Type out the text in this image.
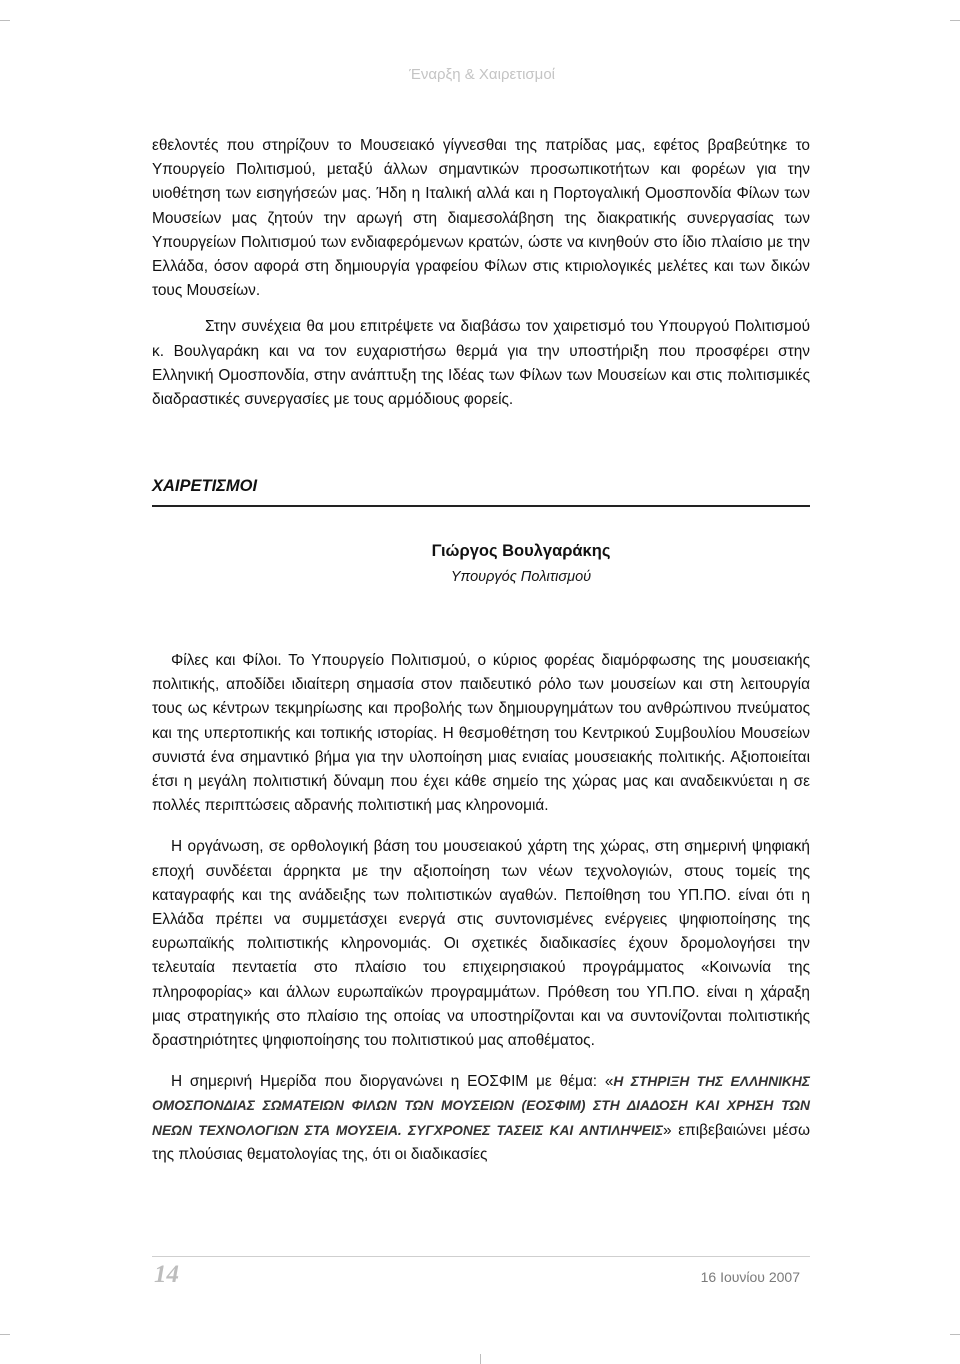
Έναρξη & Χαιρετισμοί

εθελοντές που στηρίζουν το Μουσειακό γίγνεσθαι της πατρίδας μας, εφέτος βραβεύτηκε το Υπουργείο Πολιτισμού, μεταξύ άλλων σημαντικών προσωπικοτήτων και φορέων για την υιοθέτηση των εισηγήσεών μας. Ήδη η Ιταλική αλλά και η Πορτογαλική Ομοσπονδία Φίλων των Μουσείων μας ζητούν την αρωγή στη διαμεσολάβηση της διακρατικής συνεργασίας των Υπουργείων Πολιτισμού των ενδιαφερόμενων κρατών, ώστε να κινηθούν στο ίδιο πλαίσιο με την Ελλάδα, όσον αφορά στη δημιουργία γραφείου Φίλων στις κτιριολογικές μελέτες και των δικών τους Μουσείων.

Στην συνέχεια θα μου επιτρέψετε να διαβάσω τον χαιρετισμό του Υπουργού Πολιτισμού κ. Βουλγαράκη και να τον ευχαριστήσω θερμά για την υποστήριξη που προσφέρει στην Ελληνική Ομοσπονδία, στην ανάπτυξη της Ιδέας των Φίλων των Μουσείων και στις πολιτισμικές διαδραστικές συνεργασίες με τους αρμόδιους φορείς.

ΧΑΙΡΕΤΙΣΜΟΙ
Γιώργος Βουλγαράκης
Υπουργός Πολιτισμού

Φίλες και Φίλοι. Το Υπουργείο Πολιτισμού, ο κύριος φορέας διαμόρφωσης της μουσειακής πολιτικής, αποδίδει ιδιαίτερη σημασία στον παιδευτικό ρόλο των μουσείων και στη λειτουργία τους ως κέντρων τεκμηρίωσης και προβολής των δημιουργημάτων του ανθρώπινου πνεύματος και της υπερτοπικής και τοπικής ιστορίας. Η θεσμοθέτηση του Κεντρικού Συμβουλίου Μουσείων συνιστά ένα σημαντικό βήμα για την υλοποίηση μιας ενιαίας μουσειακής πολιτικής. Αξιοποιείται έτσι η μεγάλη πολιτιστική δύναμη που έχει κάθε σημείο της χώρας μας και αναδεικνύεται η σε πολλές περιπτώσεις αδρανής πολιτιστική μας κληρονομιά.

Η οργάνωση, σε ορθολογική βάση του μουσειακού χάρτη της χώρας, στη σημερινή ψηφιακή εποχή συνδέεται άρρηκτα με την αξιοποίηση των νέων τεχνολογιών, στους τομείς της καταγραφής και της ανάδειξης των πολιτιστικών αγαθών. Πεποίθηση του ΥΠ.ΠΟ. είναι ότι η Ελλάδα πρέπει να συμμετάσχει ενεργά στις συντονισμένες ενέργειες ψηφιοποίησης της ευρωπαϊκής πολιτιστικής κληρονομιάς. Οι σχετικές διαδικασίες έχουν δρομολογήσει την τελευταία πενταετία στο πλαίσιο του επιχειρησιακού προγράμματος «Κοινωνία της πληροφορίας» και άλλων ευρωπαϊκών προγραμμάτων. Πρόθεση του ΥΠ.ΠΟ. είναι η χάραξη μιας στρατηγικής στο πλαίσιο της οποίας να υποστηρίζονται και να συντονίζονται πολιτιστικής δραστηριότητες ψηφιοποίησης του πολιτιστικού μας αποθέματος.

Η σημερινή Ημερίδα που διοργανώνει η ΕΟΣΦΙΜ με θέμα: «Η ΣΤΗΡΙΞΗ ΤΗΣ ΕΛΛΗΝΙΚΗΣ ΟΜΟΣΠΟΝΔΙΑΣ ΣΩΜΑΤΕΙΩΝ ΦΙΛΩΝ ΤΩΝ ΜΟΥΣΕΙΩΝ (ΕΟΣΦΙΜ) ΣΤΗ ΔΙΑΔΟΣΗ ΚΑΙ ΧΡΗΣΗ ΤΩΝ ΝΕΩΝ ΤΕΧΝΟΛΟΓΙΩΝ ΣΤΑ ΜΟΥΣΕΙΑ. ΣΥΓΧΡΟΝΕΣ ΤΑΣΕΙΣ ΚΑΙ ΑΝΤΙΛΗΨΕΙΣ» επιβεβαιώνει μέσω της πλούσιας θεματολογίας της, ότι οι διαδικασίες

14	16 Ιουνίου 2007
